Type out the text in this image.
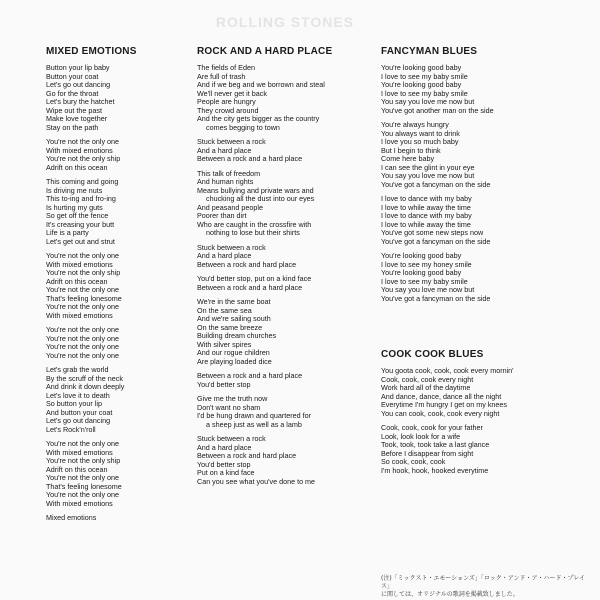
ROLLING STONES
MIXED EMOTIONS
Button your lip baby
Button your coat
Let's go out dancing
Go for the throat
Let's bury the hatchet
Wipe out the past
Make love together
Stay on the path
You're not the only one
With mixed emotions
You're not the only ship
Adrift on this ocean
This coming and going
Is driving me nuts
This to-ing and fro-ing
Is hurting my guts
So get off the fence
It's creasing your butt
Life is a party
Let's get out and strut
You're not the only one
With mixed emotions
You're not the only ship
Adrift on this ocean
You're not the only one
That's feeling lonesome
You're not the only one
With mixed emotions
You're not the only one
You're not the only one
You're not the only one
You're not the only one
Let's grab the world
By the scruff of the neck
And drink it down deeply
Let's love it to death
So button your lip
And button your coat
Let's go out dancing
Let's Rock'n'roll
You're not the only one
With mixed emotions
You're not the only ship
Adrift on this ocean
You're not the only one
That's feeling lonesome
You're not the only one
With mixed emotions
Mixed emotions
ROCK AND A HARD PLACE
The fields of Eden
Are full of trash
And if we beg and we borrown and steal
We'll never get it back
People are hungry
They crowd around
And the city gets bigger as the country
comes begging to town
Stuck between a rock
And a hard place
Between a rock and a hard place
This talk of freedom
And human rights
Means bullying and private wars and
chucking all the dust into our eyes
And peasand people
Poorer than dirt
Who are caught in the crossfire with
nothing to lose but their shirts
Stuck between a rock
And a hard place
Between a rock and hard place
You'd better stop, put on a kind face
Between a rock and a hard place
We're in the same boat
On the same sea
And we're sailing south
On the same breeze
Building dream churches
With silver spires
And our rogue children
Are playing loaded dice
Between a rock and a hard place
You'd better stop
Give me the truth now
Don't want no sham
I'd be hung drawn and quartered for
a sheep just as well as a lamb
Stuck between a rock
And a hard place
Between a rock and hard place
You'd better stop
Put on a kind face
Can you see what you've done to me
FANCYMAN BLUES
You're looking good baby
I love to see my baby smile
You're looking good baby
I love to see my baby smile
You say you love me now but
You've got another man on the side
You're always hungry
You always want to drink
I love you so much baby
But I begin to think
Come here baby
I can see the glint in your eye
You say you love me now but
You've got a fancyman on the side
I love to dance with my baby
I love to while away the time
I love to dance with my baby
I love to while away the time
You've got some new steps now
You've got a fancyman on the side
You're looking good baby
I love to see my honey smile
You're looking good baby
I love to see my baby smile
You say you love me now but
You've got a fancyman on the side
COOK COOK BLUES
You goota cook, cook, cook every mornin'
Cook, cook, cook every night
Work hard all of the daytime
And dance, dance, dance all the night
Everytime I'm hungry I get on my knees
You can cook, cook, cook every night
Cook, cook, cook for your father
Look, look look for a wife
Took, took, took take a last glance
Before I disappear from sight
So cook, cook, cook
I'm hook, hook, hooked everytime
(注)「ミックスト・エモーションズ」「ロック・アンド・ア・ハード・プレイス」
に関しては、オリジナルの歌詞を掲載致しました。
